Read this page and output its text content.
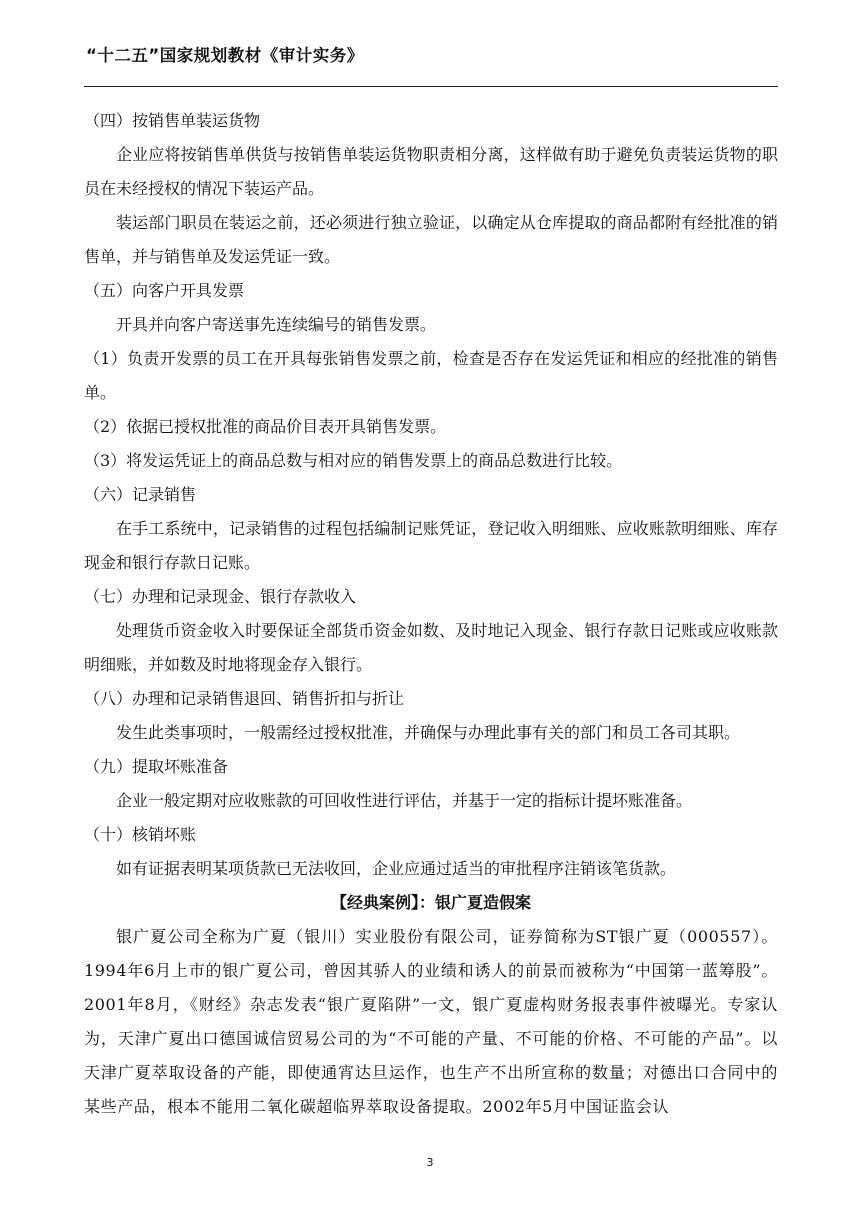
“十二五”国家规划教材《审计实务》

（四）按销售单装运货物

企业应将按销售单供货与按销售单装运货物职责相分离，这样做有助于避免负责装运货物的职员在未经授权的情况下装运产品。

装运部门职员在装运之前，还必须进行独立验证，以确定从仓库提取的商品都附有经批准的销售单，并与销售单及发运凭证一致。

（五）向客户开具发票

开具并向客户寄送事先连续编号的销售发票。

（1）负责开发票的员工在开具每张销售发票之前，检查是否存在发运凭证和相应的经批准的销售单。

（2）依据已授权批准的商品价目表开具销售发票。

（3）将发运凭证上的商品总数与相对应的销售发票上的商品总数进行比较。

（六）记录销售

在手工系统中，记录销售的过程包括编制记账凭证，登记收入明细账、应收账款明细账、库存现金和银行存款日记账。

（七）办理和记录现金、银行存款收入

处理货币资金收入时要保证全部货币资金如数、及时地记入现金、银行存款日记账或应收账款明细账，并如数及时地将现金存入银行。

（八）办理和记录销售退回、销售折扣与折让

发生此类事项时，一般需经过授权批准，并确保与办理此事有关的部门和员工各司其职。

（九）提取坏账准备

企业一般定期对应收账款的可回收性进行评估，并基于一定的指标计提坏账准备。

（十）核销坏账

如有证据表明某项货款已无法收回，企业应通过适当的审批程序注销该笔货款。

【经典案例】：银广夏造假案

银广夏公司全称为广夏（银川）实业股份有限公司，证券简称为ST银广夏（000557）。1994年6月上市的银广夏公司，曾因其骄人的业绩和诱人的前景而被称为“中国第一蓝筹股”。2001年8月，《财经》杂志发表“银广夏陷阱”一文，银广夏虚构财务报表事件被曝光。专家认为，天津广夏出口德国诚信贸易公司的为“不可能的产量、不可能的价格、不可能的产品”。以天津广夏萃取设备的产能，即使通宵达旦运作，也生产不出所宣称的数量；对德出口合同中的某些产品，根本不能用二氧化碳超临界萃取设备提取。2002年5月中国证监会认

3
